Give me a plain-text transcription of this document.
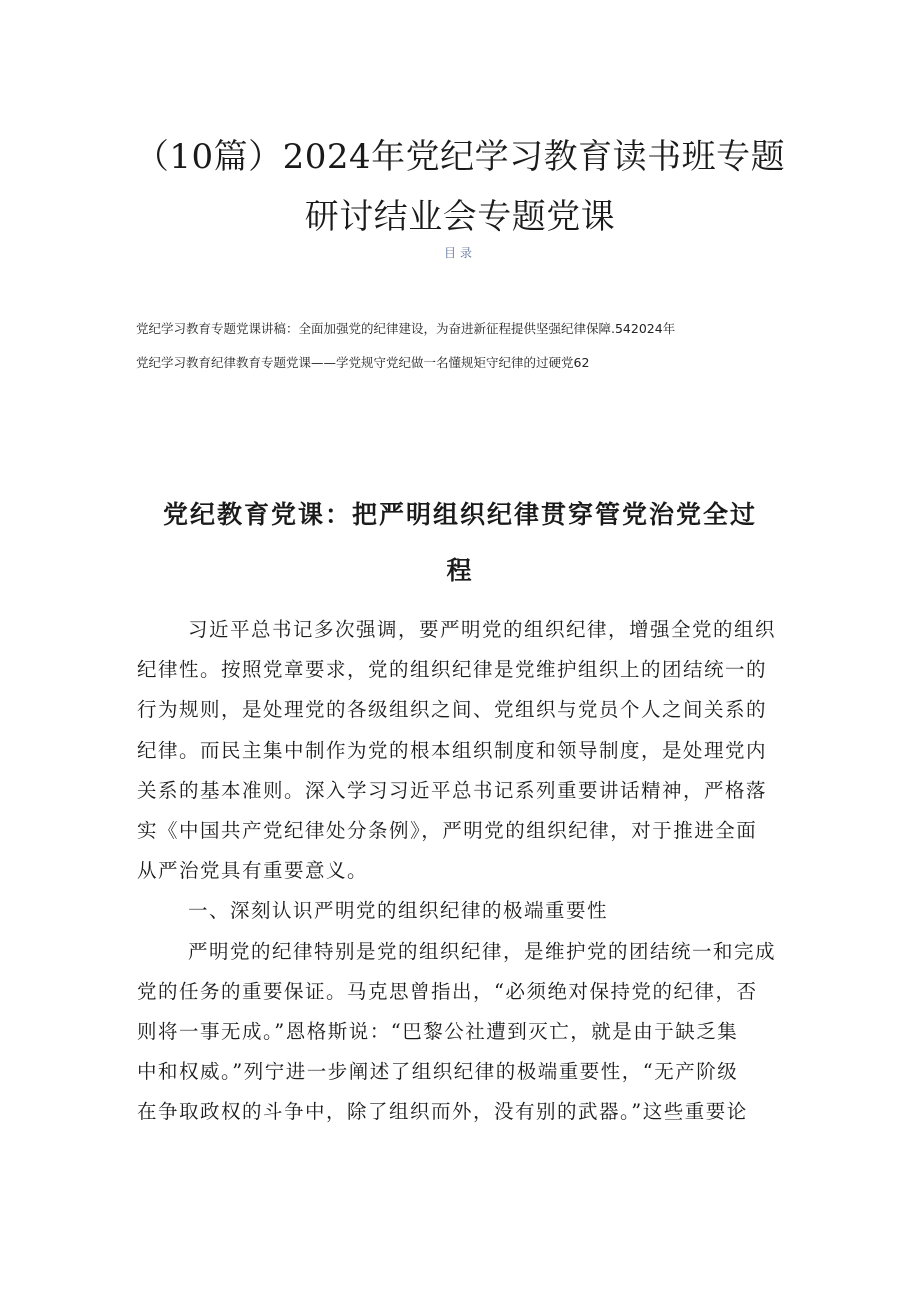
（10篇）2024年党纪学习教育读书班专题
研讨结业会专题党课
目录
党纪学习教育专题党课讲稿：全面加强党的纪律建设，为奋进新征程提供坚强纪律保障.542024年
党纪学习教育纪律教育专题党课——学党规守党纪做一名懂规矩守纪律的过硬党62
党纪教育党课：把严明组织纪律贯穿管党治党全过
程
习近平总书记多次强调，要严明党的组织纪律，增强全党的组织
纪律性。按照党章要求，党的组织纪律是党维护组织上的团结统一的
行为规则，是处理党的各级组织之间、党组织与党员个人之间关系的
纪律。而民主集中制作为党的根本组织制度和领导制度，是处理党内
关系的基本准则。深入学习习近平总书记系列重要讲话精神，严格落
实《中国共产党纪律处分条例》，严明党的组织纪律，对于推进全面
从严治党具有重要意义。
一、深刻认识严明党的组织纪律的极端重要性
严明党的纪律特别是党的组织纪律，是维护党的团结统一和完成
党的任务的重要保证。马克思曾指出，“必须绝对保持党的纪律，否
则将一事无成。”恩格斯说：“巴黎公社遭到灭亡，就是由于缺乏集
中和权威。”列宁进一步阐述了组织纪律的极端重要性，“无产阶级
在争取政权的斗争中，除了组织而外，没有别的武器。”这些重要论
